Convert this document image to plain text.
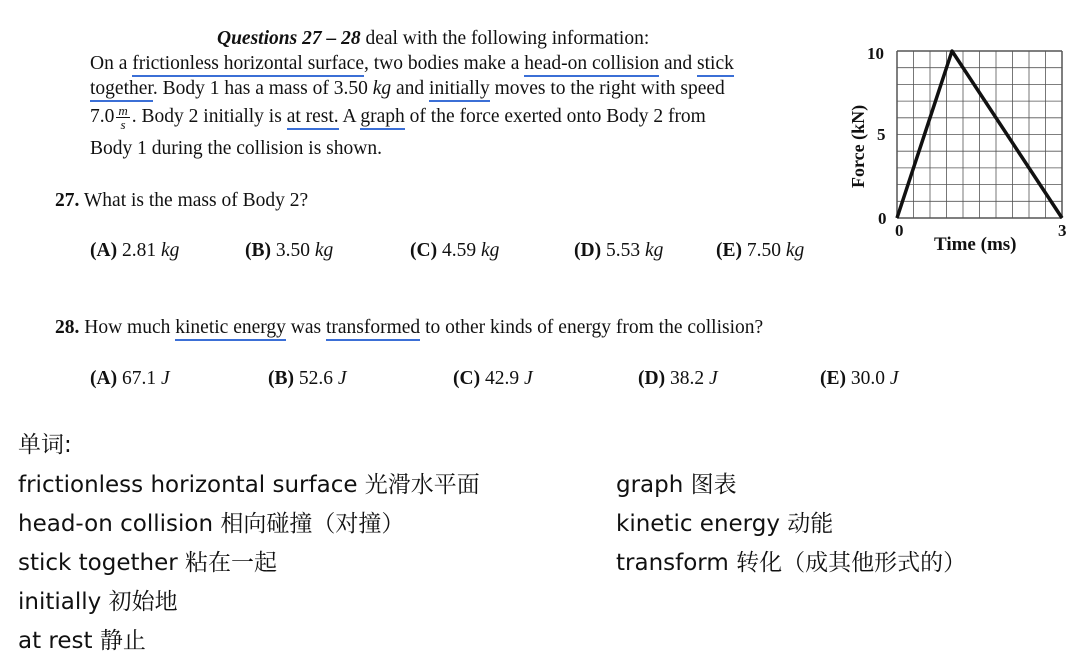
Questions 27 – 28 deal with the following information:
On a frictionless horizontal surface, two bodies make a head-on collision and stick
together. Body 1 has a mass of 3.50 kg and initially moves to the right with speed
$7.0 \frac{m}{s}$ . Body 2 initially is at rest. A graph of the force exerted onto Body 2 from
Body 1 during the collision is shown.
27. What is the mass of Body 2?
(A) 2.81 kg	(B) 3.50 kg	(C) 4.59 kg	(D) 5.53 kg	(E) 7.50 kg
28. How much kinetic energy was transformed to other kinds of energy from the collision?
(A) 67.1 J	(B) 52.6 J	(C) 42.9 J	(D) 38.2 J	(E) 30.0 J
10
5
0
0	3
Time (ms)
Force (kN)
单词:
frictionless horizontal surface 光滑水平面
head-on collision 相向碰撞（对撞）
stick together 粘在一起
initially 初始地
at rest 静止
graph 图表
kinetic energy 动能
transform 转化（成其他形式的）
